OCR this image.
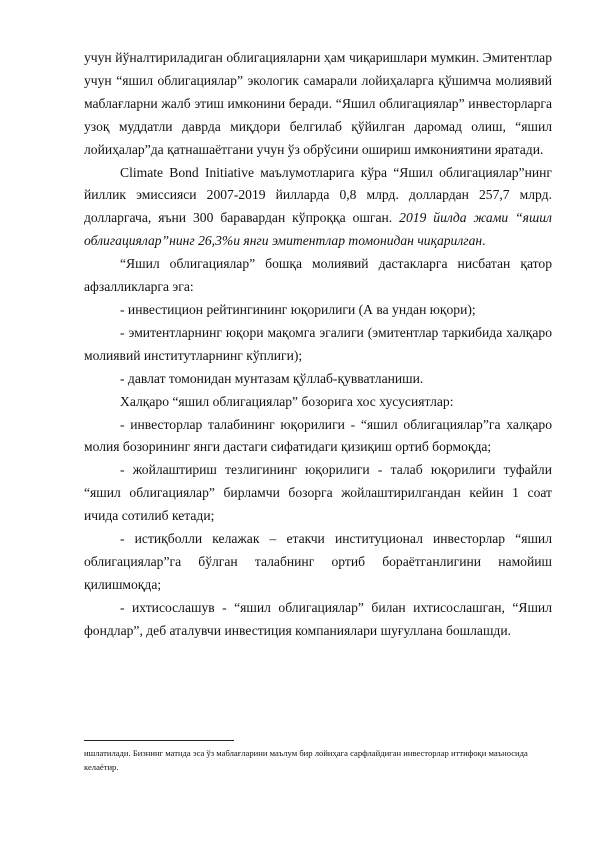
учун йўналтириладиган облигацияларни ҳам чиқаришлари мумкин. Эмитентлар учун “яшил облигациялар” экологик самарали лойиҳаларга қўшимча молиявий маблағларни жалб этиш имконини беради. “Яшил облигациялар” инвесторларга узоқ муддатли даврда миқдори белгилаб қўйилган даромад олиш, “яшил лойиҳалар”да қатнашаётгани учун ўз обрўсини ошириш имкониятини яратади.

Climate Bond Initiative маълумотларига кўра “Яшил облигациялар”нинг йиллик эмиссияси 2007-2019 йилларда 0,8 млрд. доллардан 257,7 млрд. долларгача, яъни 300 баравардан кўпроққа ошган. 2019 йилда жами “яшил облигациялар”нинг 26,3%и янги эмитентлар томонидан чиқарилган.

“Яшил облигациялар” бошқа молиявий дастакларга нисбатан қатор афзалликларга эга:

- инвестицион рейтингининг юқорилиги (А ва ундан юқори);

- эмитентларнинг юқори мақомга эгалиги (эмитентлар таркибида халқаро молиявий институтларнинг кўплиги);

- давлат томонидан мунтазам қўллаб-қувватланиши.

Халқаро “яшил облигациялар” бозорига хос хусусиятлар:

- инвесторлар талабининг юқорилиги - “яшил облигациялар”га халқаро молия бозорининг янги дастаги сифатидаги қизиқиш ортиб бормоқда;

- жойлаштириш тезлигининг юқорилиги - талаб юқорилиги туфайли “яшил облигациялар” бирламчи бозорга жойлаштирилгандан кейин 1 соат ичида сотилиб кетади;

- истиқболли келажак – етакчи институционал инвесторлар “яшил облигациялар”га бўлган талабнинг ортиб бораётганлигини намойиш қилишмоқда;

- ихтисослашув - “яшил облигациялар” билан ихтисослашган, “Яшил фондлар”, деб аталувчи инвестиция компаниялари шуғуллана бошлашди.

ишлатилади. Бизнинг матнда эса ўз маблағларини маълум бир лойиҳага сарфлайдиган инвесторлар иттифоқи маъносида келаётир.
